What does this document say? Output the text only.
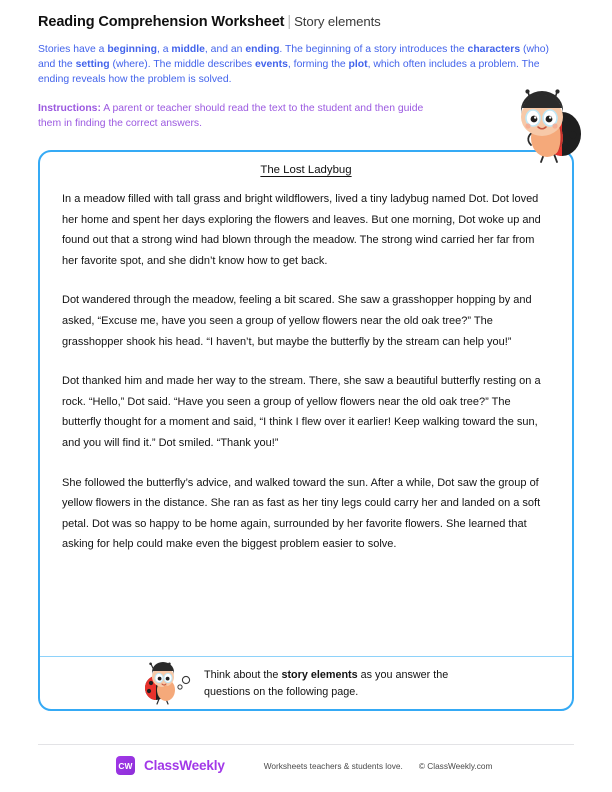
Reading Comprehension Worksheet | Story elements
Stories have a beginning, a middle, and an ending. The beginning of a story introduces the characters (who) and the setting (where). The middle describes events, forming the plot, which often includes a problem. The ending reveals how the problem is solved.
Instructions: A parent or teacher should read the text to the student and then guide them in finding the correct answers.
The Lost Ladybug

In a meadow filled with tall grass and bright wildflowers, lived a tiny ladybug named Dot. Dot loved her home and spent her days exploring the flowers and leaves. But one morning, Dot woke up and found out that a strong wind had blown through the meadow. The strong wind carried her far from her favorite spot, and she didn’t know how to get back.

Dot wandered through the meadow, feeling a bit scared. She saw a grasshopper hopping by and asked, “Excuse me, have you seen a group of yellow flowers near the old oak tree?” The grasshopper shook his head. “I haven’t, but maybe the butterfly by the stream can help you!”

Dot thanked him and made her way to the stream. There, she saw a beautiful butterfly resting on a rock. “Hello,” Dot said. “Have you seen a group of yellow flowers near the old oak tree?” The butterfly thought for a moment and said, “I think I flew over it earlier! Keep walking toward the sun, and you will find it.” Dot smiled. “Thank you!”

She followed the butterfly’s advice, and walked toward the sun. After a while, Dot saw the group of yellow flowers in the distance. She ran as fast as her tiny legs could carry her and landed on a soft petal. Dot was so happy to be home again, surrounded by her favorite flowers. She learned that asking for help could make even the biggest problem easier to solve.

Think about the story elements as you answer the questions on the following page.
CW ClassWeekly	Worksheets teachers & students love. © ClassWeekly.com
